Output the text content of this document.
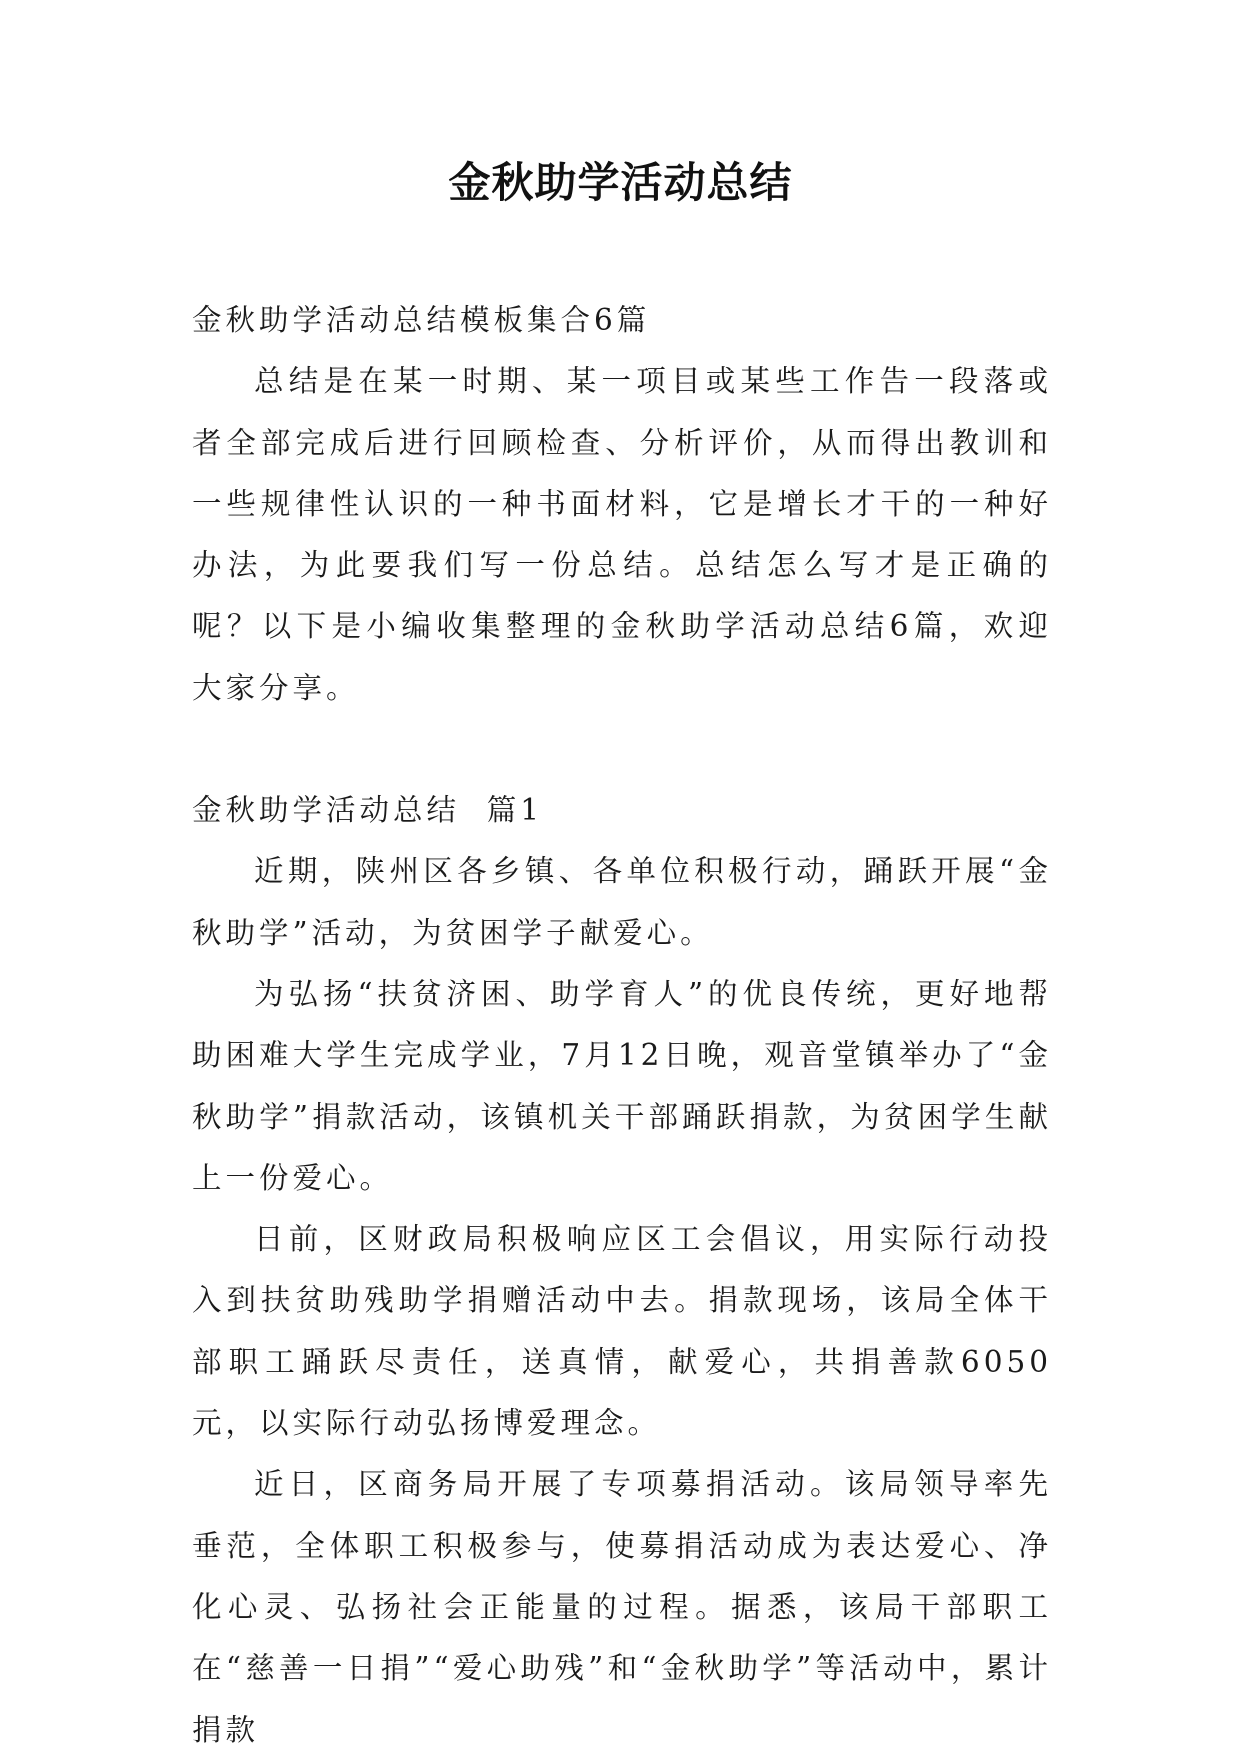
金秋助学活动总结

金秋助学活动总结模板集合6篇

总结是在某一时期、某一项目或某些工作告一段落或者全部完成后进行回顾检查、分析评价，从而得出教训和一些规律性认识的一种书面材料，它是增长才干的一种好办法，为此要我们写一份总结。总结怎么写才是正确的呢？以下是小编收集整理的金秋助学活动总结6篇，欢迎大家分享。

金秋助学活动总结  篇1

近期，陕州区各乡镇、各单位积极行动，踊跃开展“金秋助学”活动，为贫困学子献爱心。

为弘扬“扶贫济困、助学育人”的优良传统，更好地帮助困难大学生完成学业，7月12日晚，观音堂镇举办了“金秋助学”捐款活动，该镇机关干部踊跃捐款，为贫困学生献上一份爱心。

日前，区财政局积极响应区工会倡议，用实际行动投入到扶贫助残助学捐赠活动中去。捐款现场，该局全体干部职工踊跃尽责任，送真情，献爱心，共捐善款6050元，以实际行动弘扬博爱理念。

近日，区商务局开展了专项募捐活动。该局领导率先垂范，全体职工积极参与，使募捐活动成为表达爱心、净化心灵、弘扬社会正能量的过程。据悉，该局干部职工在“慈善一日捐”“爱心助残”和“金秋助学”等活动中，累计捐款
